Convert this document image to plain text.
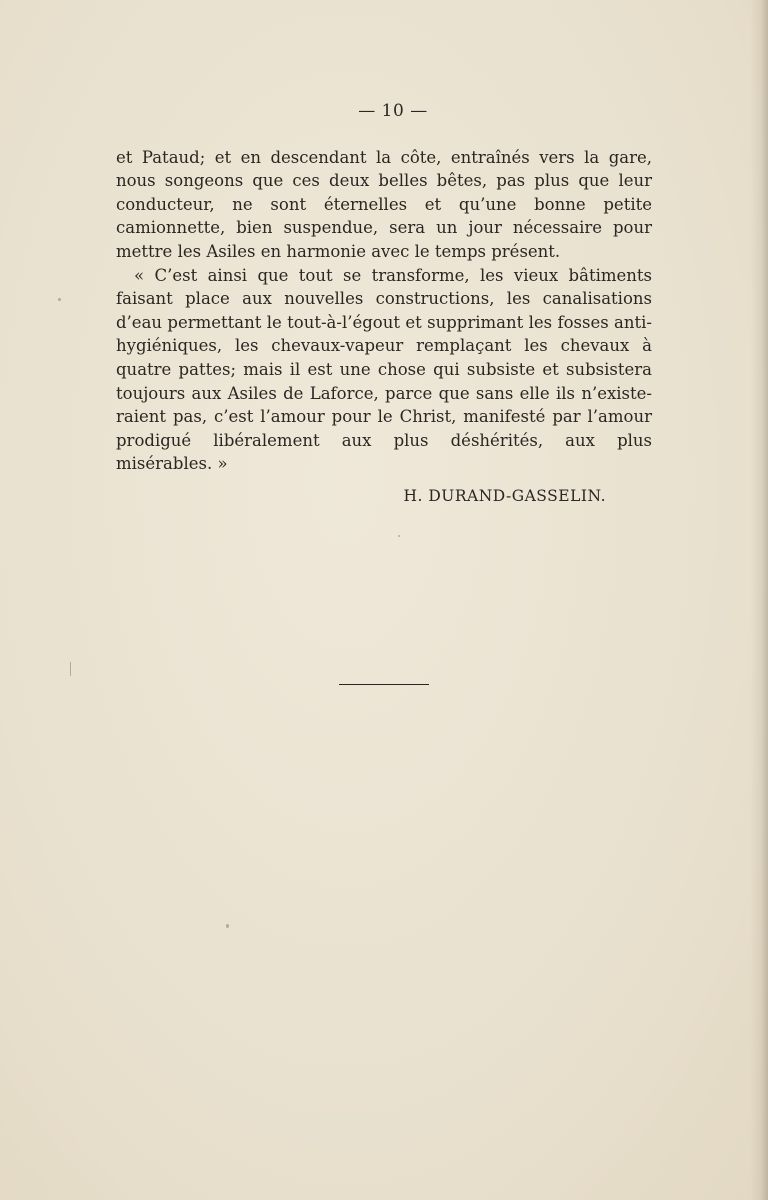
— 10 —

et Pataud; et en descendant la côte, entraînés vers la gare, nous songeons que ces deux belles bêtes, pas plus que leur conducteur, ne sont éternelles et qu’une bonne petite camionnette, bien suspendue, sera un jour nécessaire pour mettre les Asiles en harmonie avec le temps présent.

« C’est ainsi que tout se transforme, les vieux bâtiments faisant place aux nouvelles constructions, les canalisations d’eau permettant le tout-à-l’égout et supprimant les fosses anti-hygiéniques, les chevaux-vapeur remplaçant les chevaux à quatre pattes; mais il est une chose qui subsiste et subsistera toujours aux Asiles de Laforce, parce que sans elle ils n’existe-raient pas, c’est l’amour pour le Christ, manifesté par l’amour prodigué libéralement aux plus déshérités, aux plus misérables. »

H. DURAND-GASSELIN.
